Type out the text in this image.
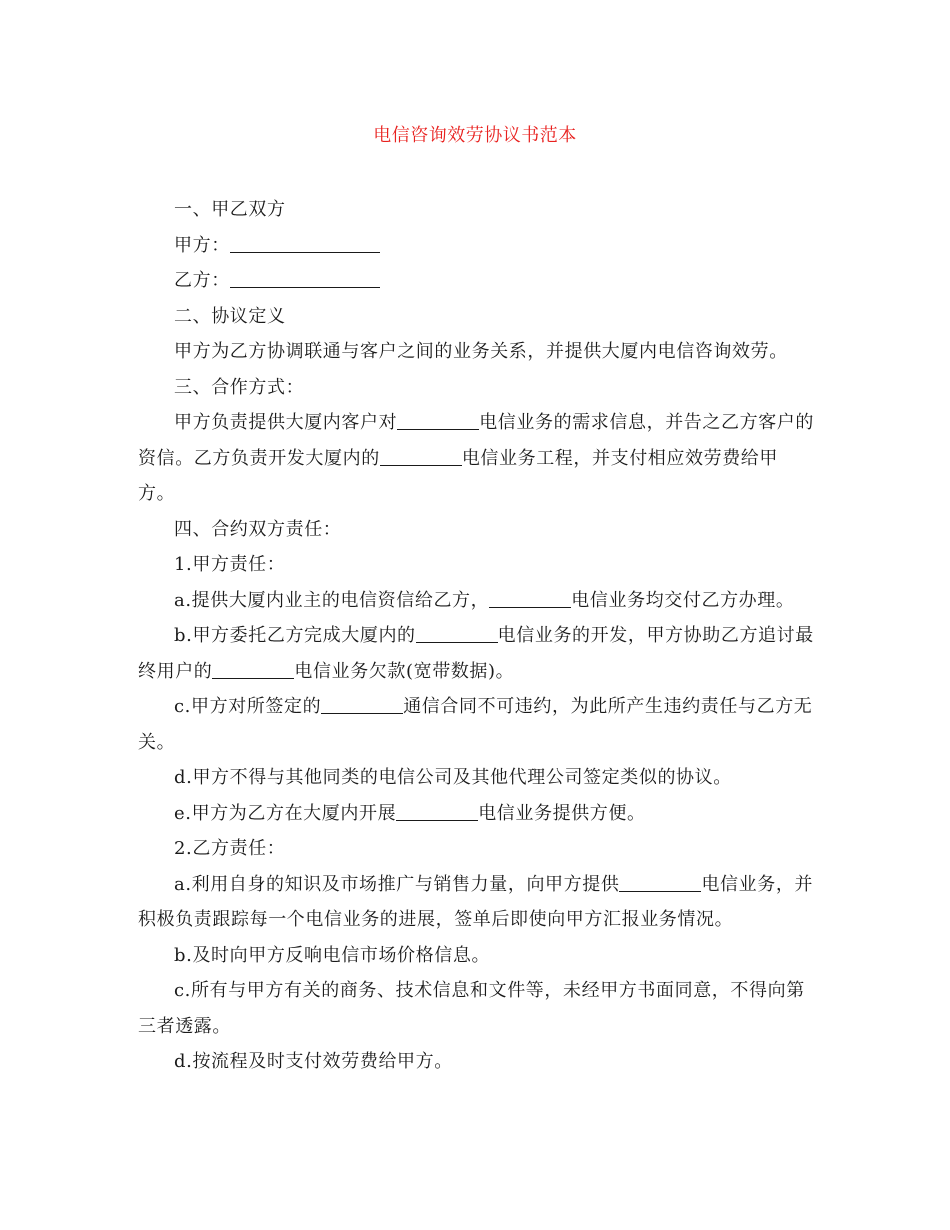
电信咨询效劳协议书范本

一、甲乙双方

甲方：

乙方：

二、协议定义

甲方为乙方协调联通与客户之间的业务关系，并提供大厦内电信咨询效劳。

三、合作方式：

甲方负责提供大厦内客户对	电信业务的需求信息，并告之乙方客户的资信。乙方负责开发大厦内的	电信业务工程，并支付相应效劳费给甲方。

四、合约双方责任：

1.甲方责任：

a.提供大厦内业主的电信资信给乙方，	电信业务均交付乙方办理。

b.甲方委托乙方完成大厦内的	电信业务的开发，甲方协助乙方追讨最终用户的	电信业务欠款(宽带数据)。

c.甲方对所签定的	通信合同不可违约，为此所产生违约责任与乙方无关。

d.甲方不得与其他同类的电信公司及其他代理公司签定类似的协议。

e.甲方为乙方在大厦内开展	电信业务提供方便。

2.乙方责任：

a.利用自身的知识及市场推广与销售力量，向甲方提供	电信业务，并积极负责跟踪每一个电信业务的进展，签单后即使向甲方汇报业务情况。

b.及时向甲方反响电信市场价格信息。

c.所有与甲方有关的商务、技术信息和文件等，未经甲方书面同意，不得向第三者透露。

d.按流程及时支付效劳费给甲方。
